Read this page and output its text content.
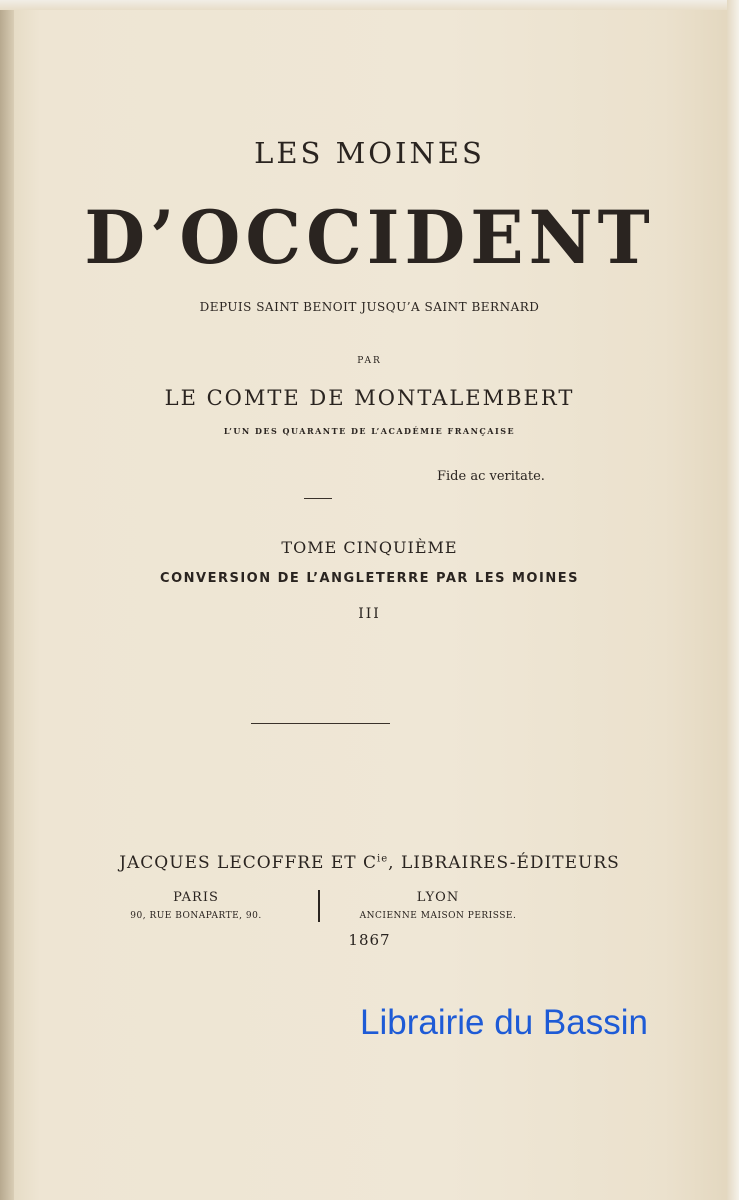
LES MOINES
D’OCCIDENT
DEPUIS SAINT BENOIT JUSQU’A SAINT BERNARD
PAR
LE COMTE DE MONTALEMBERT
L’UN DES QUARANTE DE L’ACADÉMIE FRANÇAISE
Fide ac veritate.
TOME CINQUIÈME
CONVERSION DE L’ANGLETERRE PAR LES MOINES
III
JACQUES LECOFFRE ET $C^{ie}$, LIBRAIRES-ÉDITEURS
PARIS
90, RUE BONAPARTE, 90.
LYON
ANCIENNE MAISON PERISSE.
1867
Librairie du Bassin
